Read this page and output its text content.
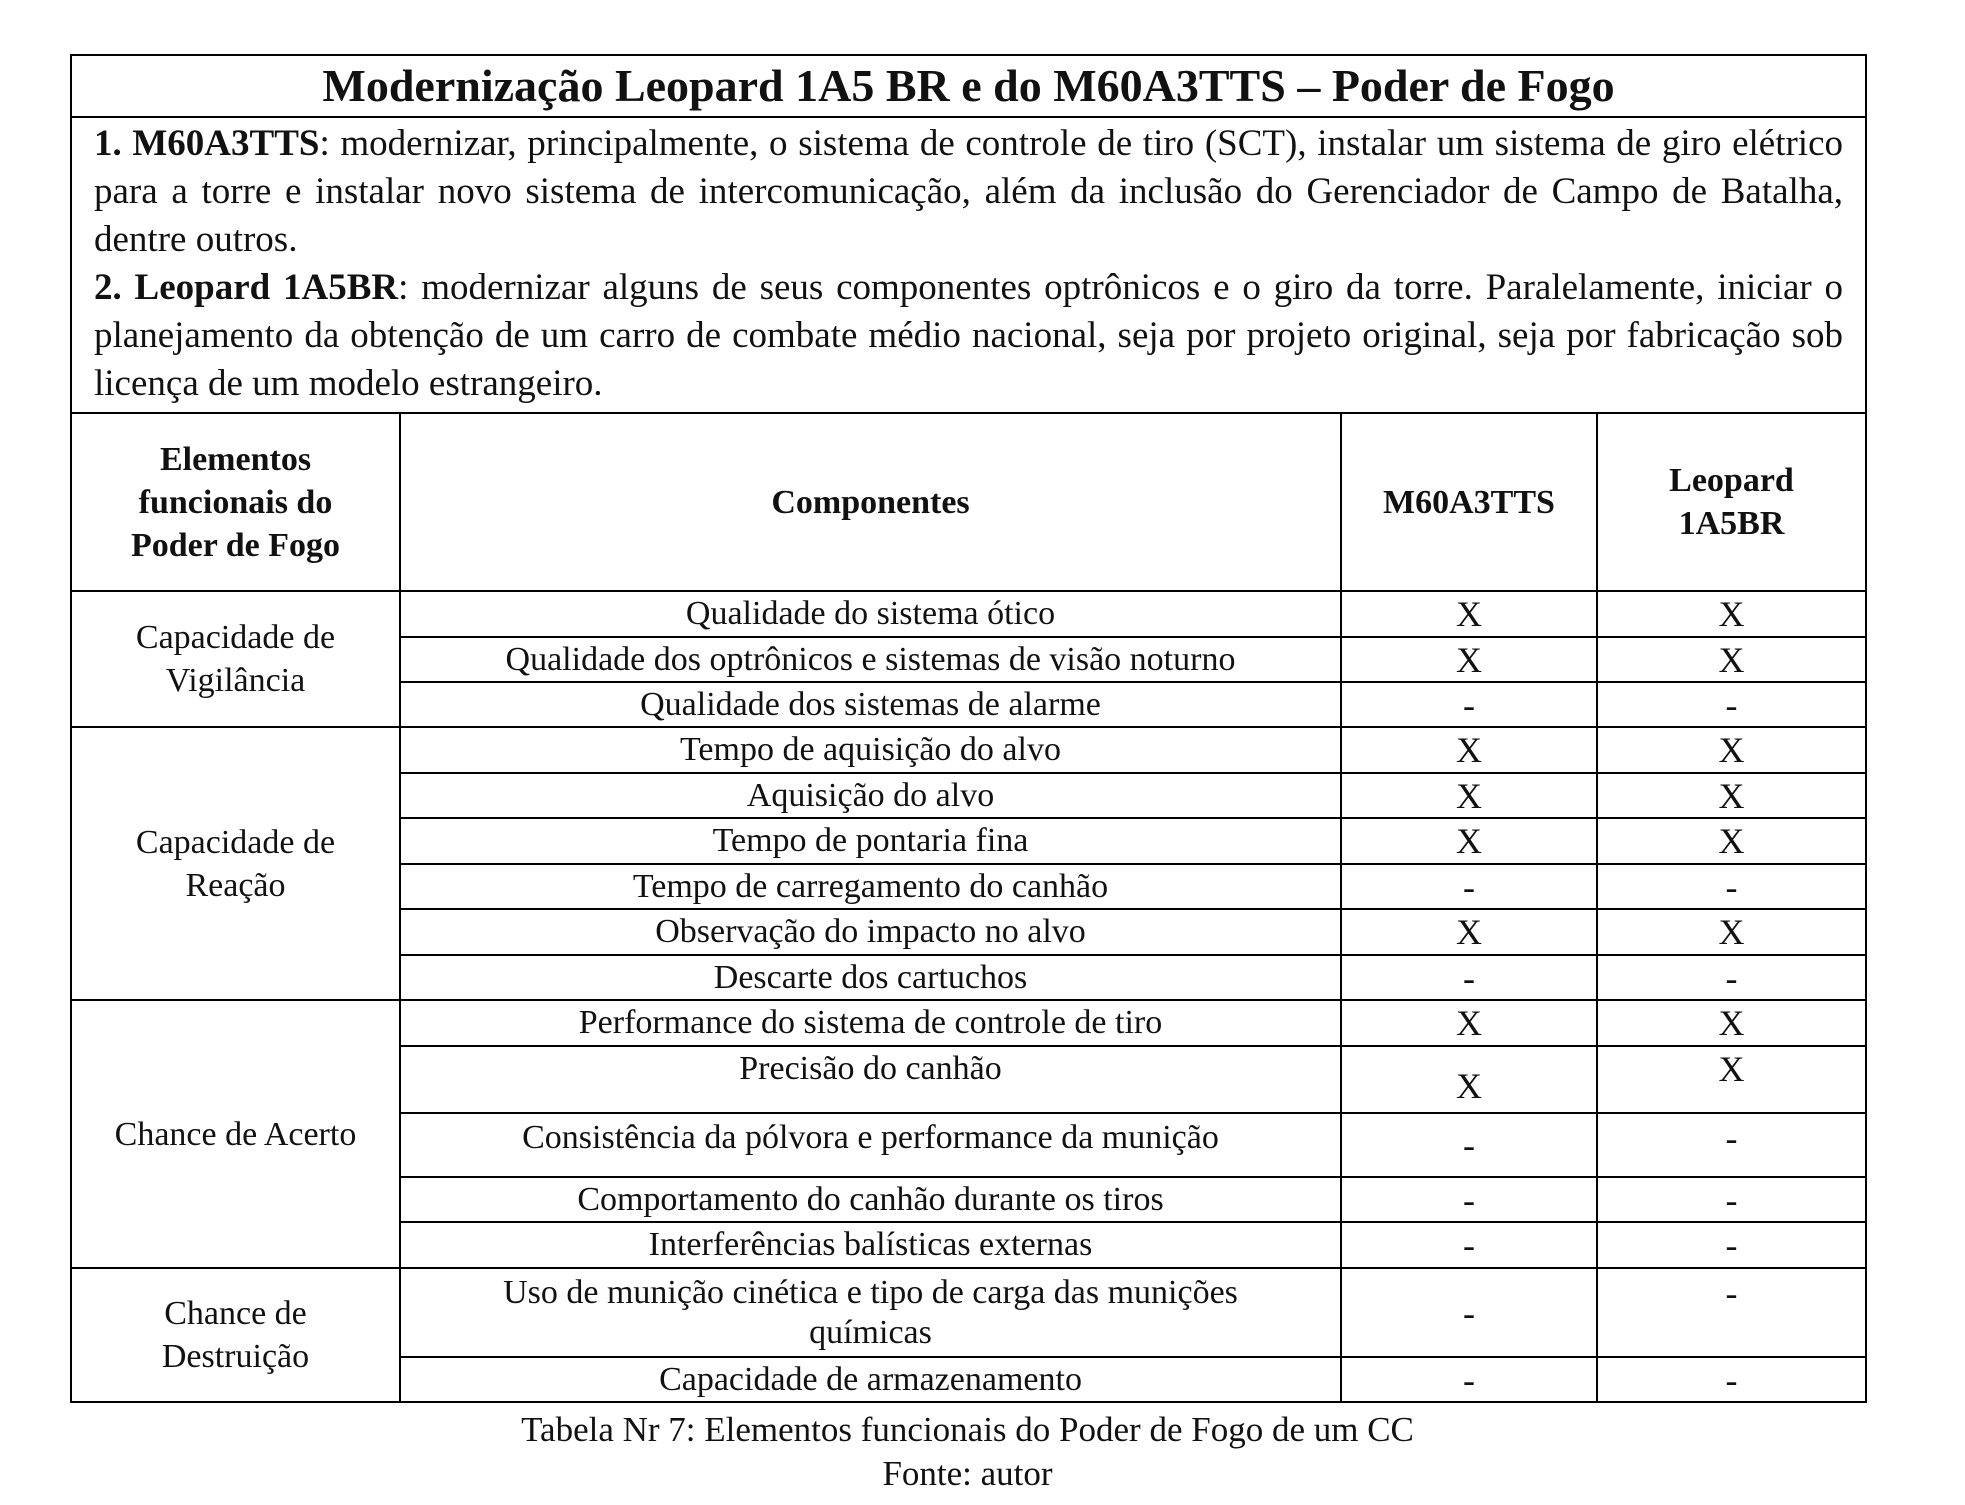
Modernização Leopard 1A5 BR e do M60A3TTS – Poder de Fogo			

1. M60A3TTS: modernizar, principalmente, o sistema de controle de tiro (SCT), instalar um sistema de giro elétrico para a torre e instalar novo sistema de intercomunicação, além da inclusão do Gerenciador de Campo de Batalha, dentre outros.

2. Leopard 1A5BR: modernizar alguns de seus componentes optrônicos e o giro da torre. Paralelamente, iniciar o planejamento da obtenção de um carro de combate médio nacional, seja por projeto original, seja por fabricação sob licença de um modelo estrangeiro.			

Elementos funcionais do Poder de Fogo	Componentes	M60A3TTS	Leopard 1A5BR
Capacidade de Vigilância	Qualidade do sistema ótico	X	X
	Qualidade dos optrônicos e sistemas de visão noturno	X	X
	Qualidade dos sistemas de alarme	-	-
Capacidade de Reação	Tempo de aquisição do alvo	X	X
	Aquisição do alvo	X	X
	Tempo de pontaria fina	X	X
	Tempo de carregamento do canhão	-	-
	Observação do impacto no alvo	X	X
	Descarte dos cartuchos	-	-
Chance de Acerto	Performance do sistema de controle de tiro	X	X
	Precisão do canhão	X	X
	Consistência da pólvora e performance da munição	-	-
	Comportamento do canhão durante os tiros	-	-
	Interferências balísticas externas	-	-
Chance de Destruição	Uso de munição cinética e tipo de carga das munições químicas	-	-
	Capacidade de armazenamento	-	-
Tabela Nr 7: Elementos funcionais do Poder de Fogo de um CC
Fonte: autor
